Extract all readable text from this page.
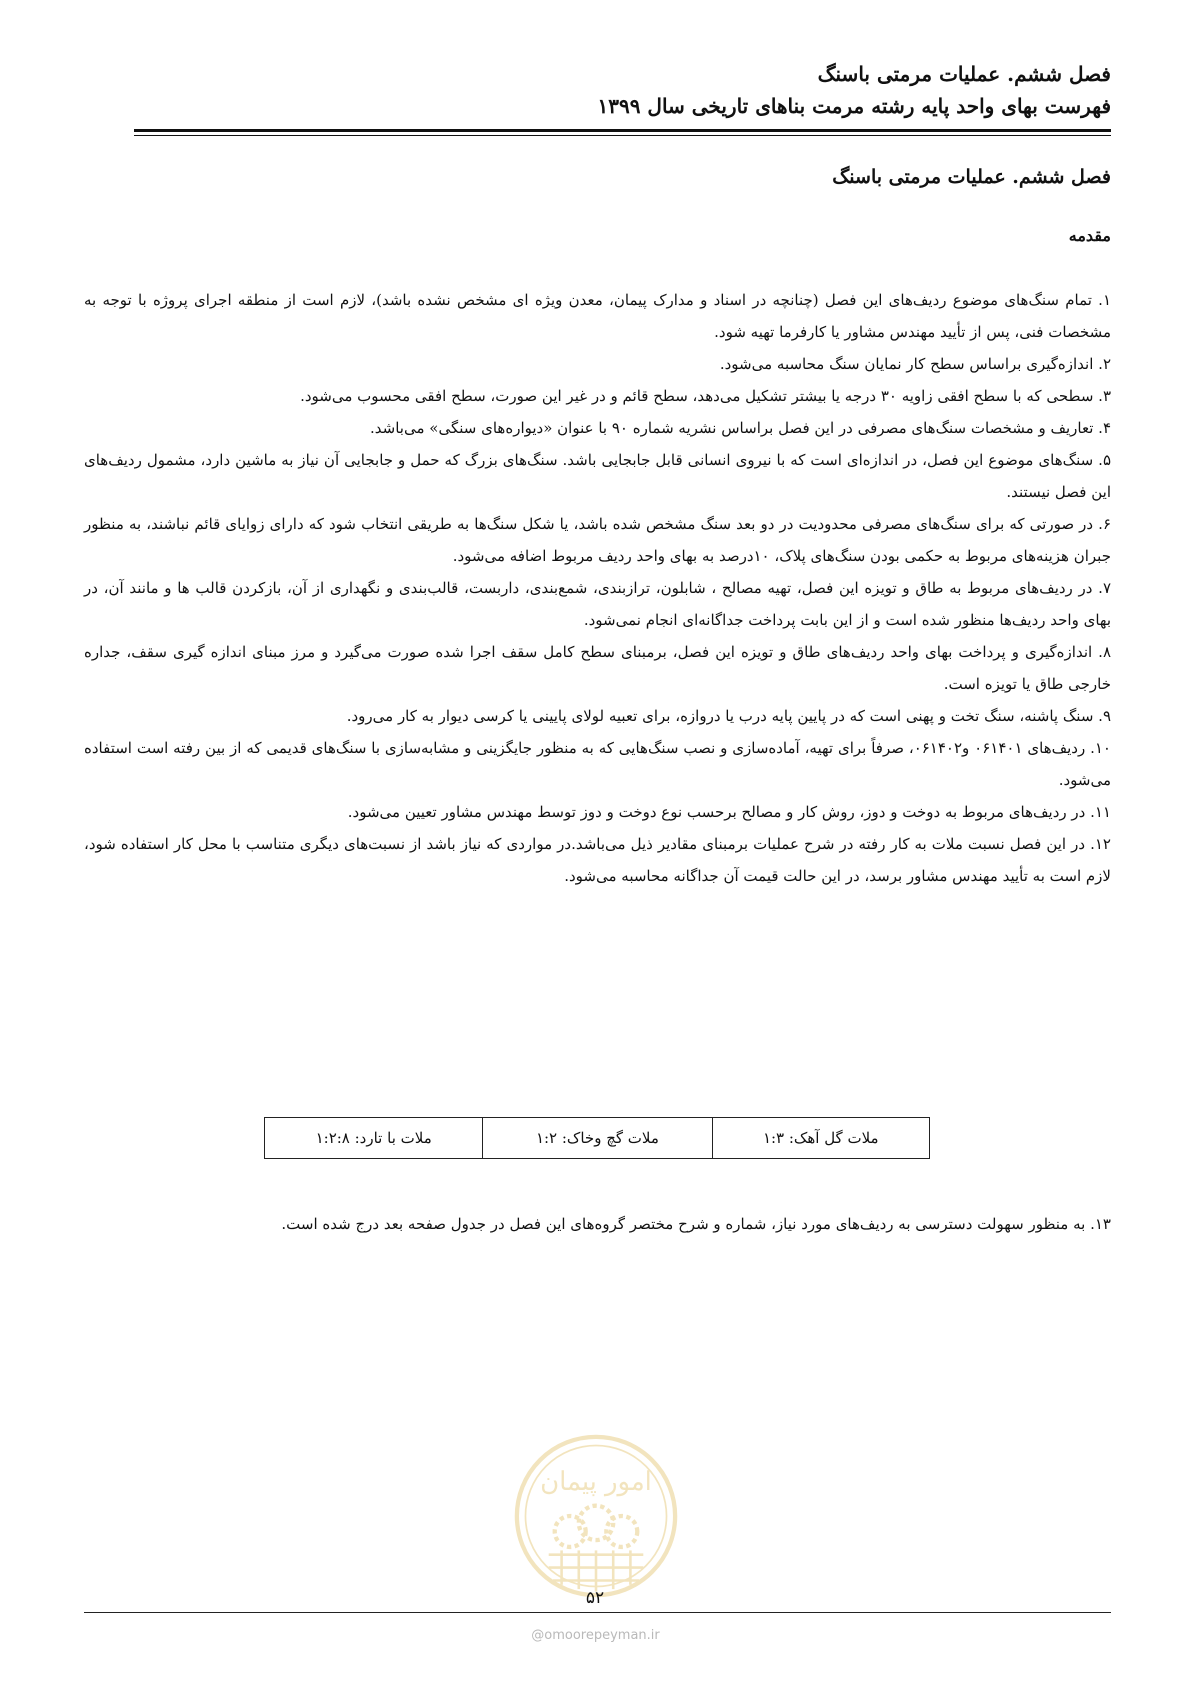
فصل ششم. عملیات مرمتی باسنگ
فهرست بهای واحد پایه رشته مرمت بناهای تاریخی سال ۱۳۹۹
فصل ششم. عملیات مرمتی باسنگ
مقدمه

۱. تمام سنگ‌های موضوع ردیف‌های این فصل (چنانچه در اسناد و مدارک پیمان، معدن ویژه ای مشخص نشده باشد)، لازم است از منطقه اجرای پروژه با توجه به مشخصات فنی، پس از تأیید مهندس مشاور یا کارفرما تهیه شود.

۲. اندازه‌گیری براساس سطح کار نمایان سنگ محاسبه می‌شود.

۳. سطحی که با سطح افقی زاویه ۳۰ درجه یا بیشتر تشکیل می‌دهد، سطح قائم و در غیر این صورت، سطح افقی محسوب می‌شود.

۴. تعاریف و مشخصات سنگ‌های مصرفی در این فصل براساس نشریه شماره ۹۰ با عنوان «دیواره‌های سنگی» می‌باشد.

۵. سنگ‌های موضوع این فصل، در اندازه‌ای است که با نیروی انسانی قابل جابجایی باشد. سنگ‌های بزرگ که حمل و جابجایی آن نیاز به ماشین دارد، مشمول ردیف‌های این فصل نیستند.

۶. در صورتی که برای سنگ‌های مصرفی محدودیت در دو بعد سنگ مشخص شده باشد، یا شکل سنگ‌ها به طریقی انتخاب شود که دارای زوایای قائم نباشند، به منظور جبران هزینه‌های مربوط به حکمی بودن سنگ‌های پلاک، ۱۰درصد به بهای واحد ردیف مربوط اضافه می‌شود.

۷. در ردیف‌های مربوط به طاق و تویزه این فصل، تهیه مصالح ، شابلون، ترازبندی، شمع‌بندی، داربست، قالب‌بندی و نگهداری از آن، بازکردن قالب ها و مانند آن، در بهای واحد ردیف‌ها منظور شده است و از این بابت پرداخت جداگانه‌ای انجام نمی‌شود.

۸. اندازه‌گیری و پرداخت بهای واحد ردیف‌های طاق و تویزه این فصل، برمبنای سطح کامل سقف اجرا شده صورت می‌گیرد و مرز مبنای اندازه گیری سقف، جداره خارجی طاق یا تویزه است.

۹. سنگ پاشنه، سنگ تخت و پهنی است که در پایین پایه درب یا دروازه، برای تعبیه لولای پایینی یا کرسی دیوار به کار می‌رود.

۱۰. ردیف‌های ۰۶۱۴۰۱ و۰۶۱۴۰۲، صرفاً برای تهیه، آماده‌سازی و نصب سنگ‌هایی که به منظور جایگزینی و مشابه‌سازی با سنگ‌های قدیمی که از بین رفته است استفاده می‌شود.

۱۱. در ردیف‌های مربوط به دوخت و دوز، روش کار و مصالح برحسب نوع دوخت و دوز توسط مهندس مشاور تعیین می‌شود.

۱۲. در این فصل نسبت ملات به کار رفته در شرح عملیات برمبنای مقادیر ذیل می‌باشد.در مواردی که نیاز باشد از نسبت‌های دیگری متناسب با محل کار استفاده شود، لازم است به تأیید مهندس مشاور برسد، در این حالت قیمت آن جداگانه محاسبه می‌شود.

ملات گل آهک: ۱:۳	ملات گچ وخاک: ۱:۲	ملات با تارد: ۱:۲:۸
۱۳. به منظور سهولت دسترسی به ردیف‌های مورد نیاز، شماره و شرح مختصر گروه‌های این فصل در جدول صفحه بعد درج شده است.
امور پیمان
۵۲
@omoorepeyman.ir
